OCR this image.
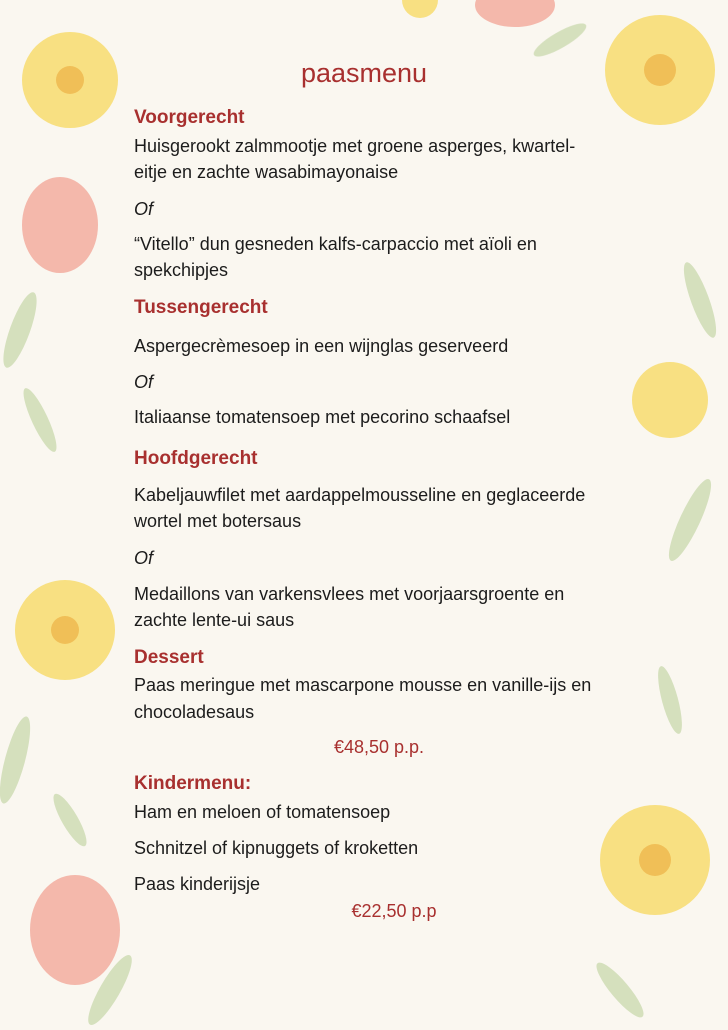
paasmenu
Voorgerecht
Huisgerookt zalmmootje met groene asperges, kwartel-
eitje en zachte wasabimayonaise
Of
“Vitello” dun gesneden kalfs-carpaccio met aïoli en
spekchipjes
Tussengerecht
Aspergecrèmesoep in een wijnglas geserveerd
Of
Italiaanse tomatensoep met pecorino schaafsel
Hoofdgerecht
Kabeljauwfilet met aardappelmousseline en geglaceerde
wortel met botersaus
Of
Medaillons van varkensvlees met voorjaarsgroente en
zachte lente-ui saus
Dessert
Paas meringue met mascarpone mousse en vanille-ijs en
chocoladesaus
€48,50 p.p.
Kindermenu:
Ham en meloen of tomatensoep
Schnitzel of kipnuggets of kroketten
Paas kinderijsje
€22,50 p.p
